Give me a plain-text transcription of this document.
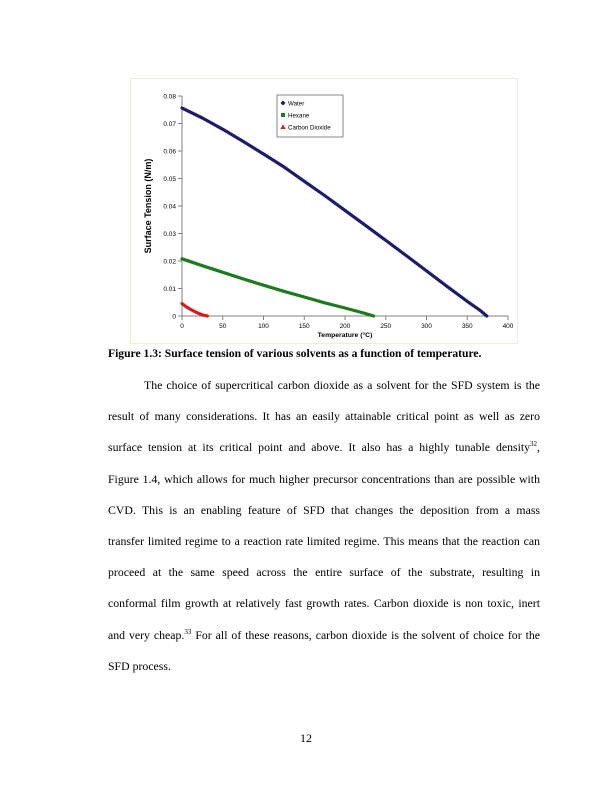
0
0.01
0.02
0.03
0.04
0.05
0.06
0.07
0.08
0	50	100	150	200	250	300	350	400
Temperature (°C)
Surface Tension (N/m)
Water
Hexane
Carbon Dioxide
Figure 1.3: Surface tension of various solvents as a function of temperature.
The choice of supercritical carbon dioxide as a solvent for the SFD system is the
result of many considerations. It has an easily attainable critical point as well as zero
surface tension at its critical point and above. It also has a highly tunable density$^{32}$,
Figure 1.4, which allows for much higher precursor concentrations than are possible with
CVD. This is an enabling feature of SFD that changes the deposition from a mass
transfer limited regime to a reaction rate limited regime. This means that the reaction can
proceed at the same speed across the entire surface of the substrate, resulting in
conformal film growth at relatively fast growth rates. Carbon dioxide is non toxic, inert
and very cheap.$^{33}$ For all of these reasons, carbon dioxide is the solvent of choice for the
SFD process.
12
